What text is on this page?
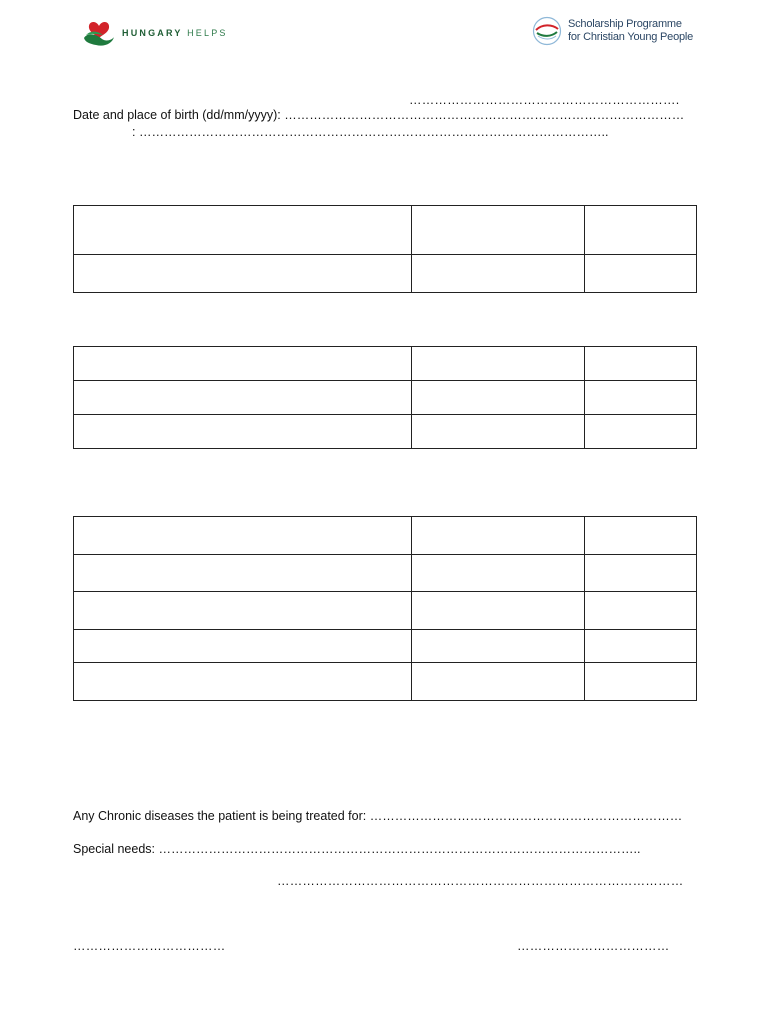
HUNGARY HELPS
Scholarship Programme
for Christian Young People
……………………………………………………….
Date and place of birth (dd/mm/yyyy): ……………………………………………………………………………………
: …………………………………………………………………………………………………..

Any Chronic diseases the patient is being treated for: …………………………………………………………………
Special needs: ……………………………………………………………………………………………………..
……………………………………………………………………………………
………………………………	………………………………
